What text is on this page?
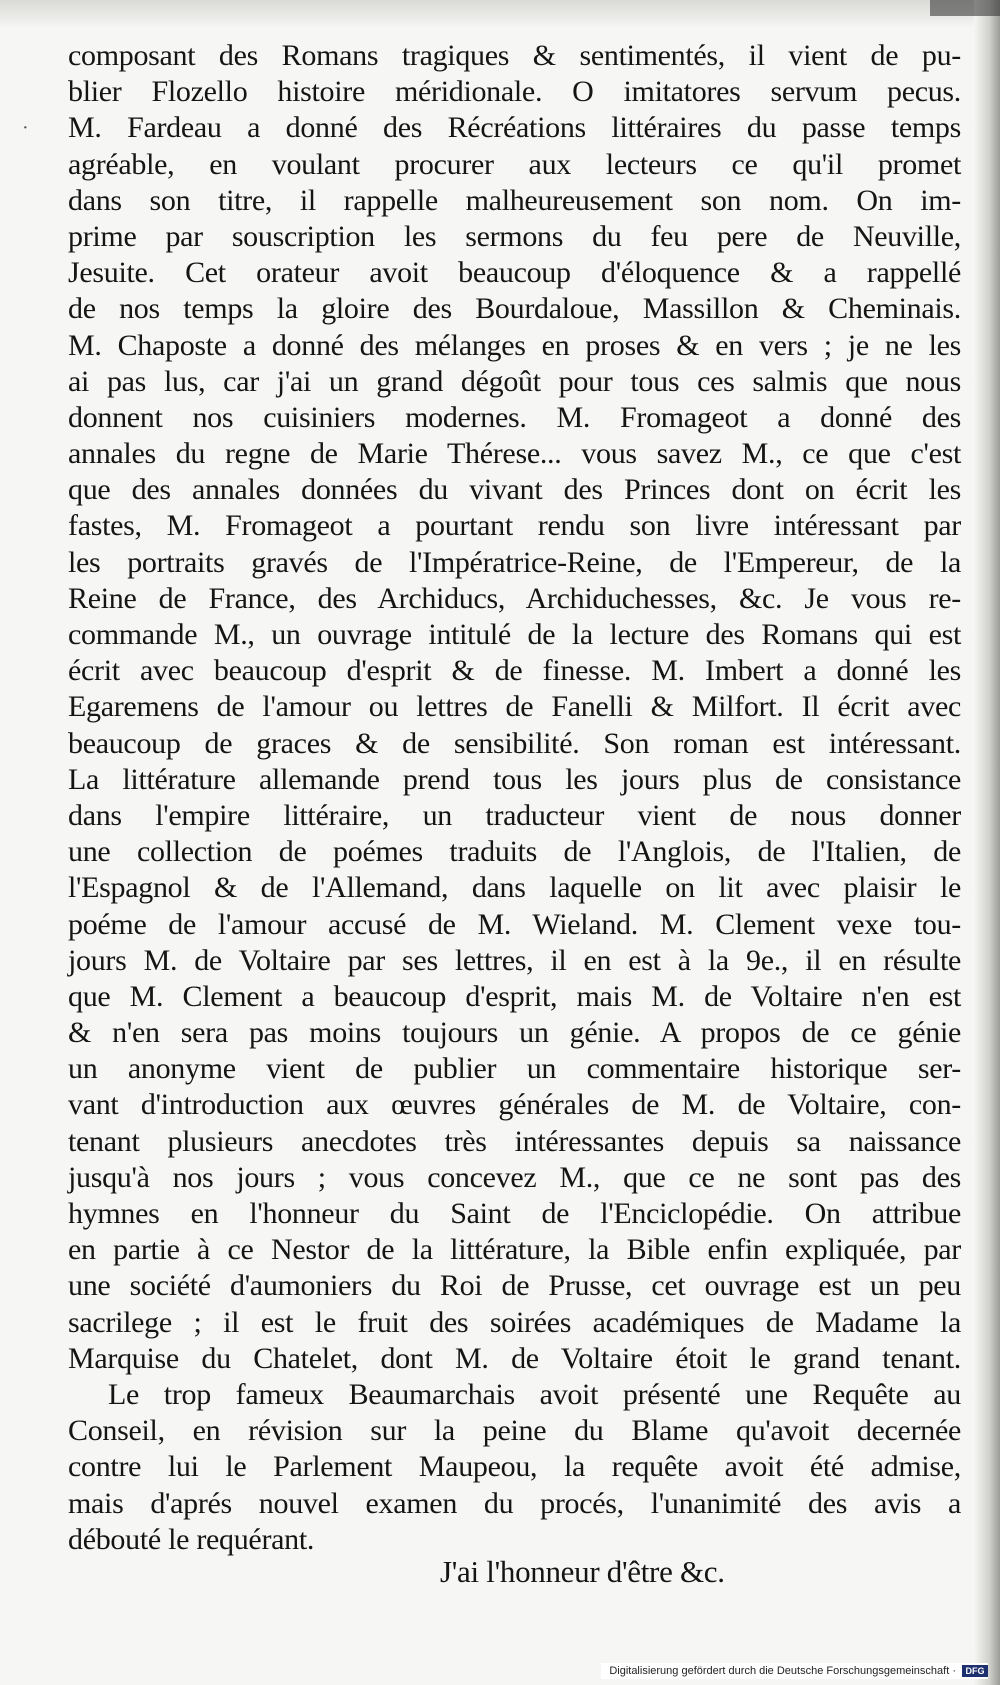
·
composant des Romans tragiques & sentimentés, il vient de pu-
blier Flozello histoire méridionale. O imitatores servum pecus.
M. Fardeau a donné des Récréations littéraires du passe temps
agréable, en voulant procurer aux lecteurs ce qu'il promet
dans son titre, il rappelle malheureusement son nom. On im-
prime par souscription les sermons du feu pere de Neuville,
Jesuite. Cet orateur avoit beaucoup d'éloquence & a rappellé
de nos temps la gloire des Bourdaloue, Massillon & Cheminais.
M. Chaposte a donné des mélanges en proses & en vers ; je ne les
ai pas lus, car j'ai un grand dégoût pour tous ces salmis que nous
donnent nos cuisiniers modernes. M. Fromageot a donné des
annales du regne de Marie Thérese... vous savez M., ce que c'est
que des annales données du vivant des Princes dont on écrit les
fastes, M. Fromageot a pourtant rendu son livre intéressant par
les portraits gravés de l'Impératrice-Reine, de l'Empereur, de la
Reine de France, des Archiducs, Archiduchesses, &c. Je vous re-
commande M., un ouvrage intitulé de la lecture des Romans qui est
écrit avec beaucoup d'esprit & de finesse. M. Imbert a donné les
Egaremens de l'amour ou lettres de Fanelli & Milfort. Il écrit avec
beaucoup de graces & de sensibilité. Son roman est intéressant.
La littérature allemande prend tous les jours plus de consistance
dans l'empire littéraire, un traducteur vient de nous donner
une collection de poémes traduits de l'Anglois, de l'Italien, de
l'Espagnol & de l'Allemand, dans laquelle on lit avec plaisir le
poéme de l'amour accusé de M. Wieland. M. Clement vexe tou-
jours M. de Voltaire par ses lettres, il en est à la 9e., il en résulte
que M. Clement a beaucoup d'esprit, mais M. de Voltaire n'en est
& n'en sera pas moins toujours un génie. A propos de ce génie
un anonyme vient de publier un commentaire historique ser-
vant d'introduction aux œuvres générales de M. de Voltaire, con-
tenant plusieurs anecdotes très intéressantes depuis sa naissance
jusqu'à nos jours ; vous concevez M., que ce ne sont pas des
hymnes en l'honneur du Saint de l'Enciclopédie. On attribue
en partie à ce Nestor de la littérature, la Bible enfin expliquée, par
une société d'aumoniers du Roi de Prusse, cet ouvrage est un peu
sacrilege ; il est le fruit des soirées académiques de Madame la
Marquise du Chatelet, dont M. de Voltaire étoit le grand tenant.
Le trop fameux Beaumarchais avoit présenté une Requête au
Conseil, en révision sur la peine du Blame qu'avoit decernée
contre lui le Parlement Maupeou, la requête avoit été admise,
mais d'aprés nouvel examen du procés, l'unanimité des avis a
débouté le requérant.
J'ai l'honneur d'être &c.
Digitalisierung gefördert durch die Deutsche Forschungsgemeinschaft ·	DFG
